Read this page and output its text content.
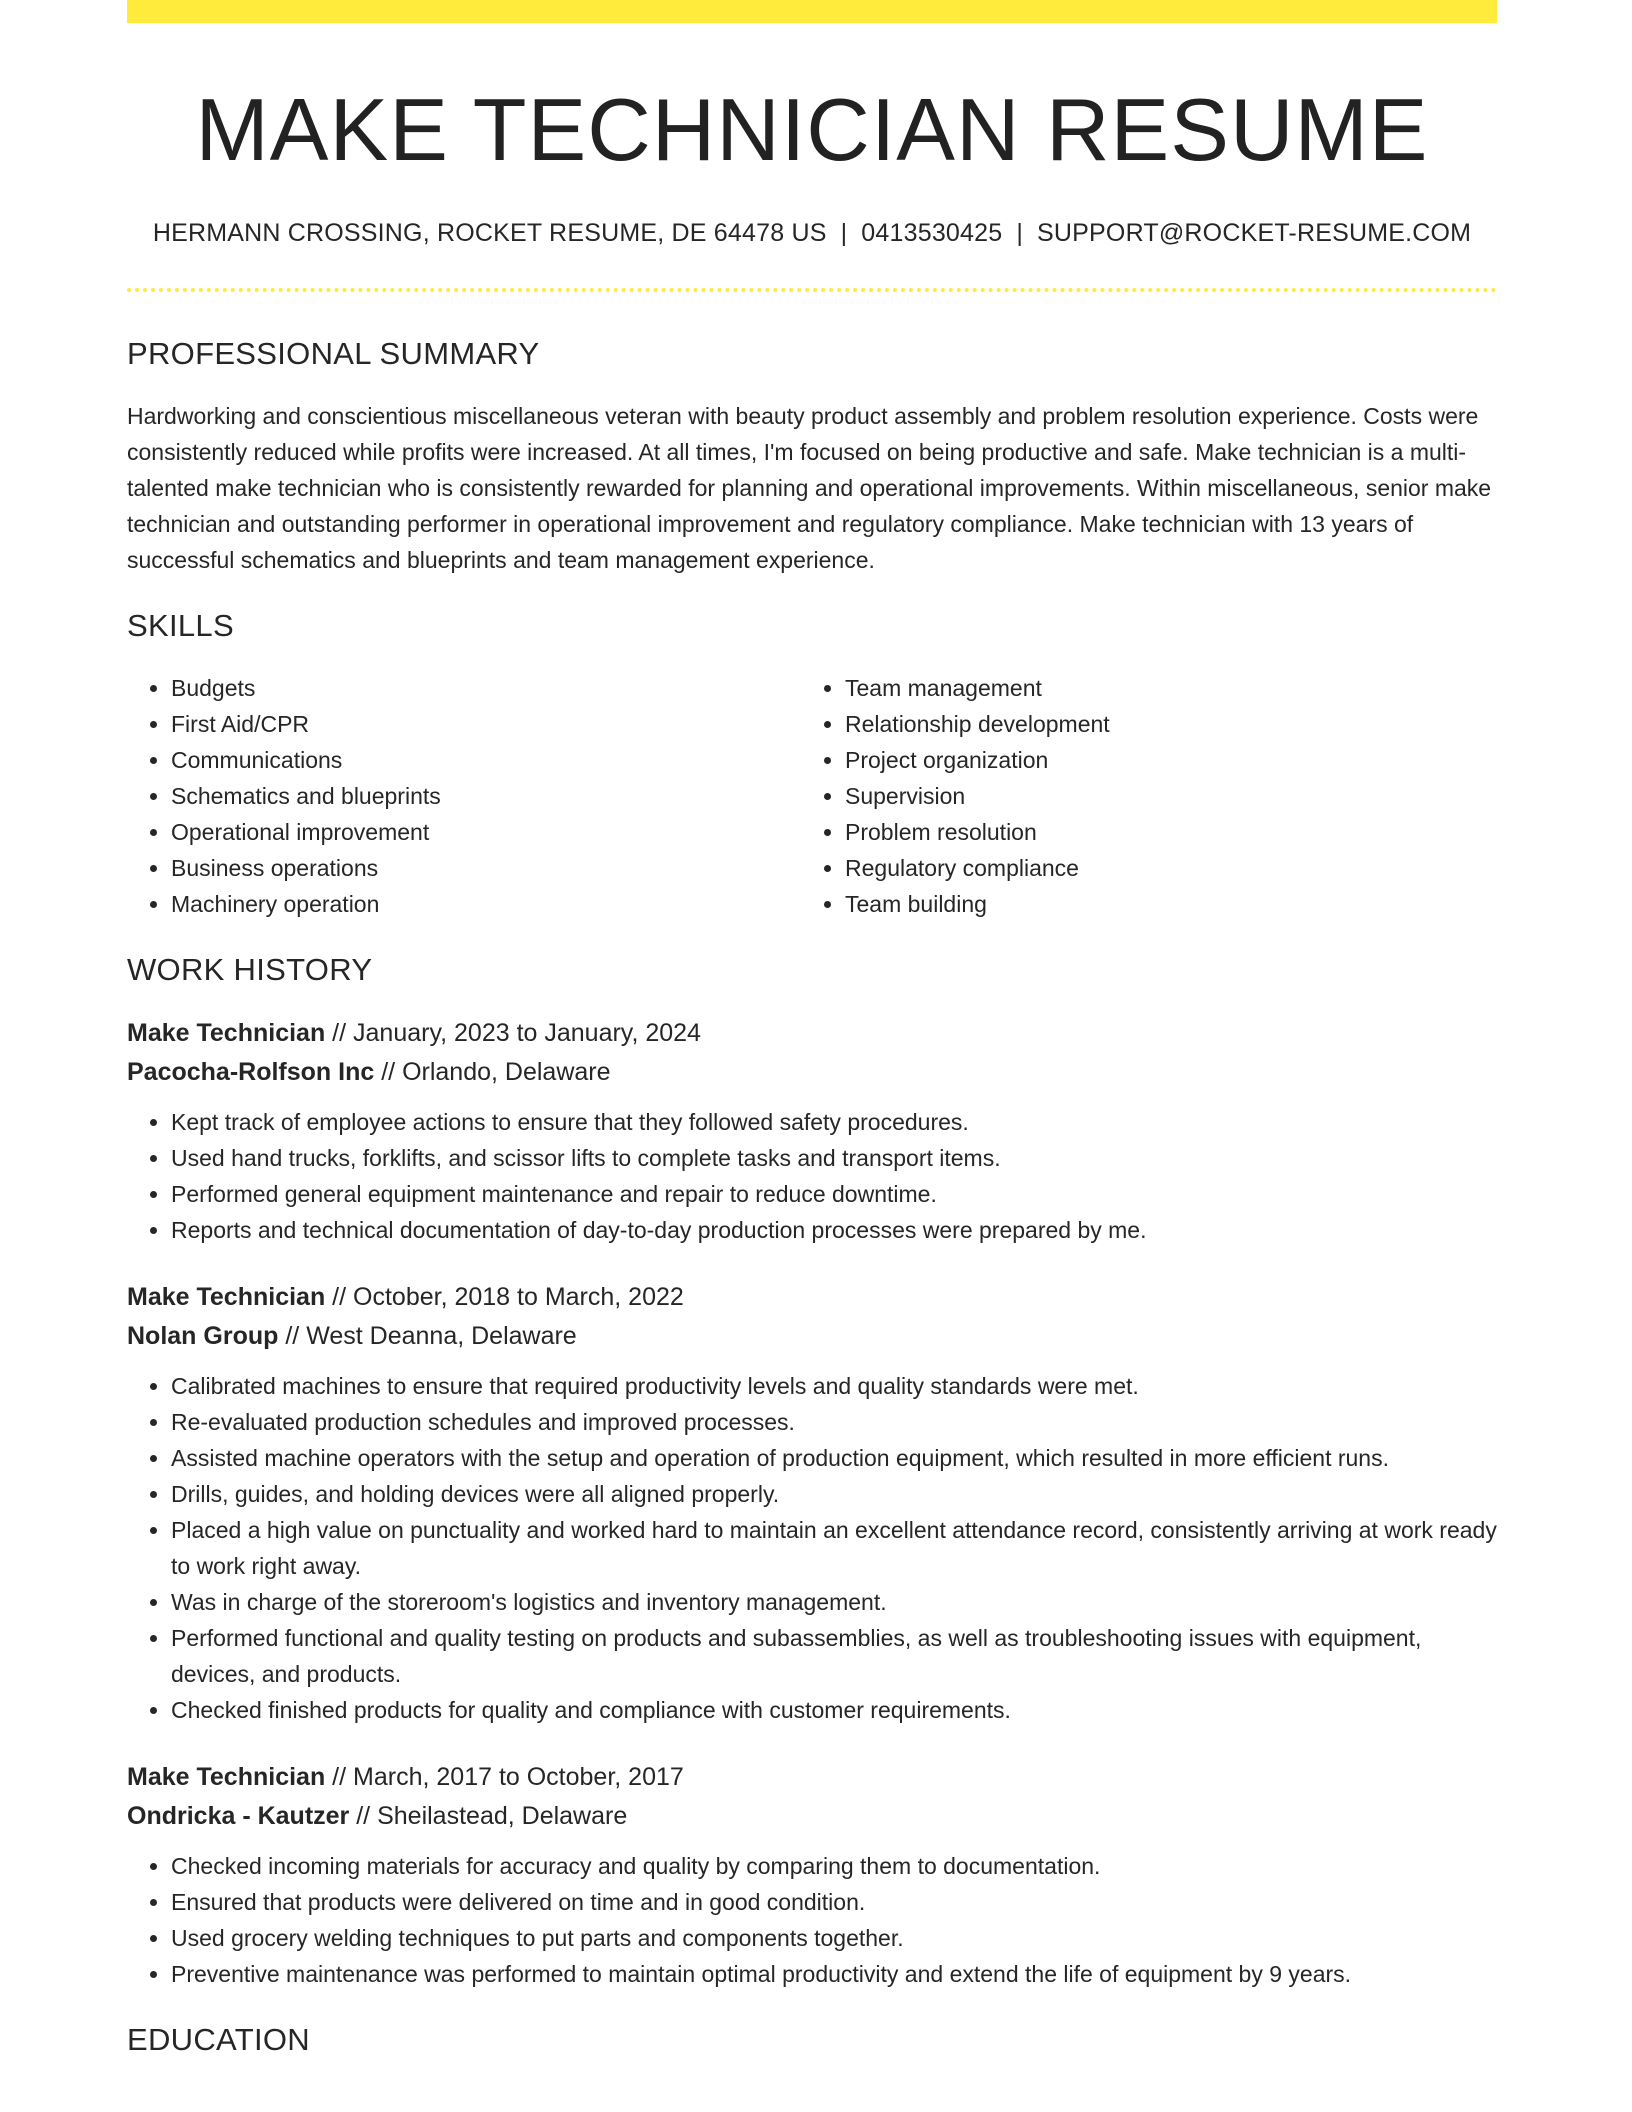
MAKE TECHNICIAN RESUME
HERMANN CROSSING, ROCKET RESUME, DE 64478 US | 0413530425 | SUPPORT@ROCKET-RESUME.COM
PROFESSIONAL SUMMARY

Hardworking and conscientious miscellaneous veteran with beauty product assembly and problem resolution experience. Costs were consistently reduced while profits were increased. At all times, I'm focused on being productive and safe. Make technician is a multi-talented make technician who is consistently rewarded for planning and operational improvements. Within miscellaneous, senior make technician and outstanding performer in operational improvement and regulatory compliance. Make technician with 13 years of successful schematics and blueprints and team management experience.

SKILLS
• Budgets
• First Aid/CPR
• Communications
• Schematics and blueprints
• Operational improvement
• Business operations
• Machinery operation
• Team management
• Relationship development
• Project organization
• Supervision
• Problem resolution
• Regulatory compliance
• Team building
WORK HISTORY
Make Technician // January, 2023 to January, 2024
Pacocha-Rolfson Inc // Orlando, Delaware
• Kept track of employee actions to ensure that they followed safety procedures.
• Used hand trucks, forklifts, and scissor lifts to complete tasks and transport items.
• Performed general equipment maintenance and repair to reduce downtime.
• Reports and technical documentation of day-to-day production processes were prepared by me.
Make Technician // October, 2018 to March, 2022
Nolan Group // West Deanna, Delaware
• Calibrated machines to ensure that required productivity levels and quality standards were met.
• Re-evaluated production schedules and improved processes.
• Assisted machine operators with the setup and operation of production equipment, which resulted in more efficient runs.
• Drills, guides, and holding devices were all aligned properly.
• Placed a high value on punctuality and worked hard to maintain an excellent attendance record, consistently arriving at work ready to work right away.
• Was in charge of the storeroom's logistics and inventory management.
• Performed functional and quality testing on products and subassemblies, as well as troubleshooting issues with equipment, devices, and products.
• Checked finished products for quality and compliance with customer requirements.
Make Technician // March, 2017 to October, 2017
Ondricka - Kautzer // Sheilastead, Delaware
• Checked incoming materials for accuracy and quality by comparing them to documentation.
• Ensured that products were delivered on time and in good condition.
• Used grocery welding techniques to put parts and components together.
• Preventive maintenance was performed to maintain optimal productivity and extend the life of equipment by 9 years.
EDUCATION
